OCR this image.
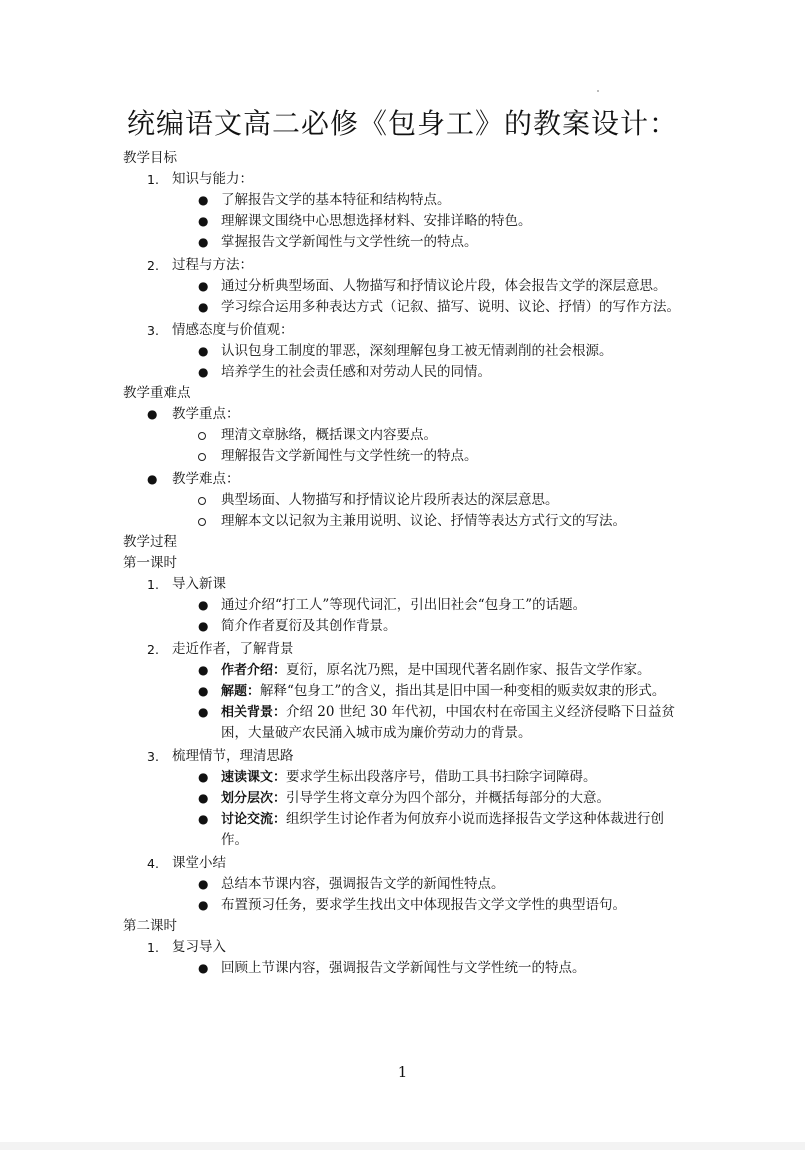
统编语文高二必修《包身工》的教案设计：
教学目标
1. 知识与能力：
● 了解报告文学的基本特征和结构特点。
● 理解课文围绕中心思想选择材料、安排详略的特色。
● 掌握报告文学新闻性与文学性统一的特点。
2. 过程与方法：
● 通过分析典型场面、人物描写和抒情议论片段，体会报告文学的深层意思。
● 学习综合运用多种表达方式（记叙、描写、说明、议论、抒情）的写作方法。
3. 情感态度与价值观：
● 认识包身工制度的罪恶，深刻理解包身工被无情剥削的社会根源。
● 培养学生的社会责任感和对劳动人民的同情。
教学重难点
● 教学重点：
理清文章脉络，概括课文内容要点。
理解报告文学新闻性与文学性统一的特点。
● 教学难点：
典型场面、人物描写和抒情议论片段所表达的深层意思。
理解本文以记叙为主兼用说明、议论、抒情等表达方式行文的写法。
教学过程
第一课时
1. 导入新课
● 通过介绍“打工人”等现代词汇，引出旧社会“包身工”的话题。
● 简介作者夏衍及其创作背景。
2. 走近作者，了解背景
● 作者介绍：夏衍，原名沈乃熙，是中国现代著名剧作家、报告文学作家。
● 解题：解释“包身工”的含义，指出其是旧中国一种变相的贩卖奴隶的形式。
● 相关背景：介绍 20 世纪 30 年代初，中国农村在帝国主义经济侵略下日益贫困，大量破产农民涌入城市成为廉价劳动力的背景。
3. 梳理情节，理清思路
● 速读课文：要求学生标出段落序号，借助工具书扫除字词障碍。
● 划分层次：引导学生将文章分为四个部分，并概括每部分的大意。
● 讨论交流：组织学生讨论作者为何放弃小说而选择报告文学这种体裁进行创作。
4. 课堂小结
● 总结本节课内容，强调报告文学的新闻性特点。
● 布置预习任务，要求学生找出文中体现报告文学文学性的典型语句。
第二课时
1. 复习导入
● 回顾上节课内容，强调报告文学新闻性与文学性统一的特点。
1
